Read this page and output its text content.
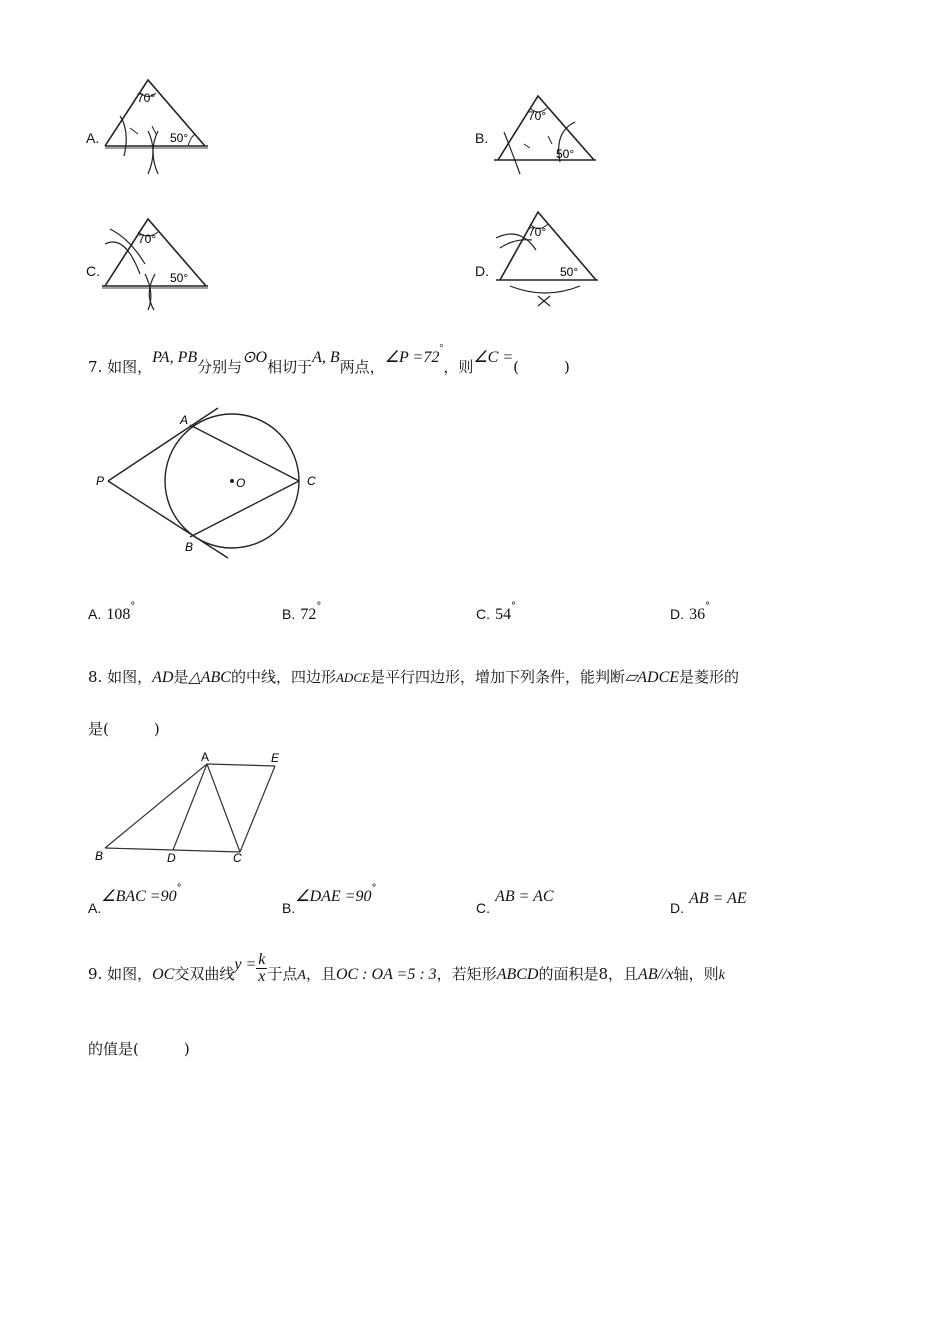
A.
70°
50°	B.
70°
50°
C.
70°
50°	D.
70°
50°
7. 如图，PA, PB分别与⊙O相切于A, B两点，∠P =72°，则∠C =(　　　)
A
P	C
B
O
A. 108°	B. 72°	C. 54°	D. 36°
8. 如图，AD是△ABC的中线，四边形ADCE是平行四边形，增加下列条件，能判断▱ADCE是菱形的
是(　　　)
A	E
B	D	C
A.∠BAC =90°
B.∠DAE =90°
C. AB = AC
D. AB = AE
9. 如图，OC交双曲线$y = \frac{k}{x}$ 于点A，且OC : OA =5 : 3，若矩形ABCD的面积是8，且AB//x轴，则k
的值是(　　　)
